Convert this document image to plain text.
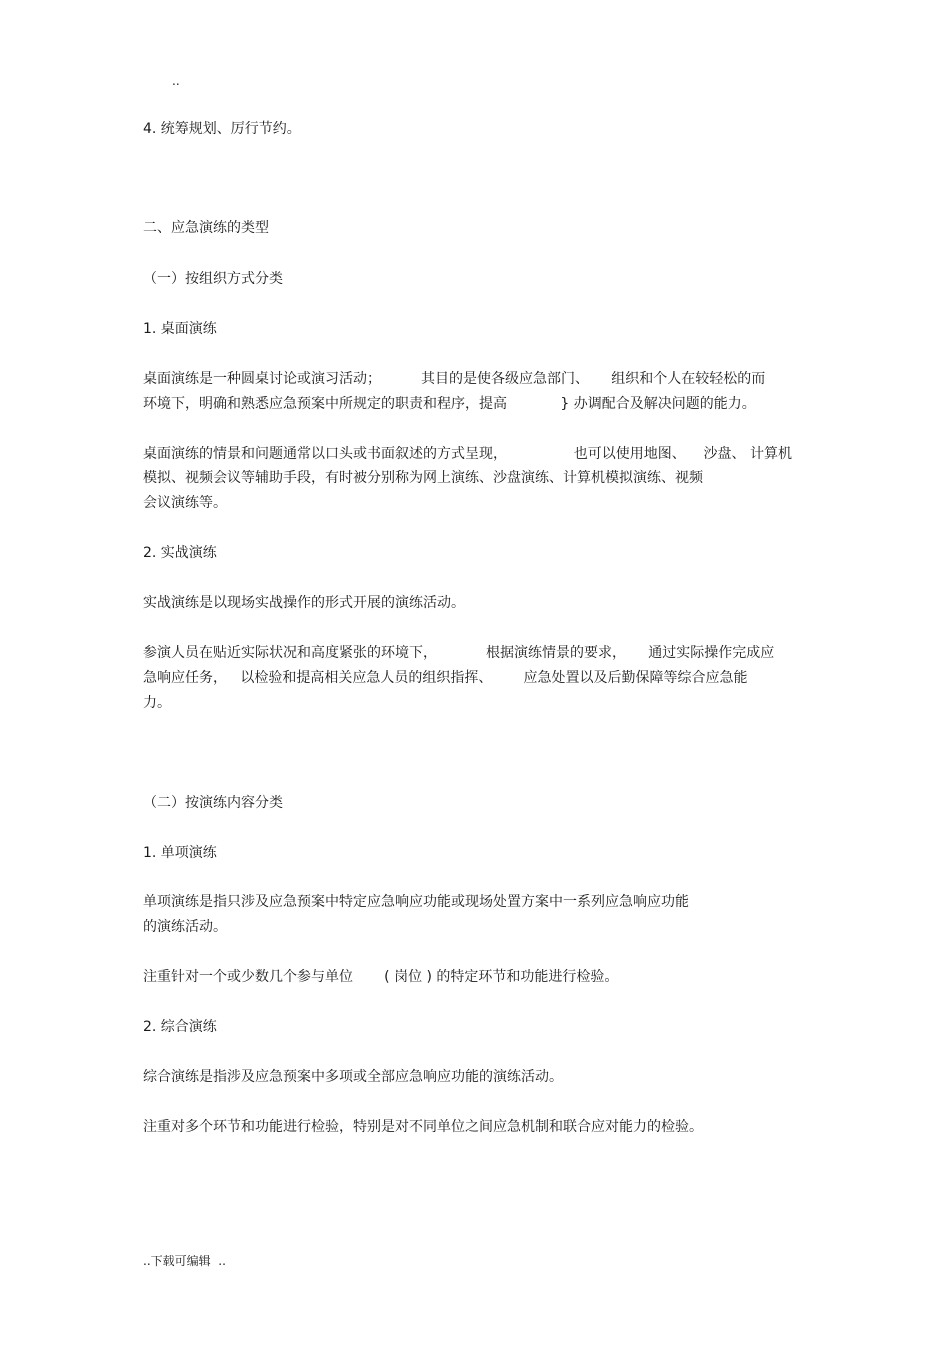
..
4. 统筹规划、厉行节约。
二、应急演练的类型
（一）按组织方式分类
1. 桌面演练
桌面演练是一种圆桌讨论或演习活动；         其目的是使各级应急部门、     组织和个人在较轻松的而
环境下，明确和熟悉应急预案中所规定的职责和程序，提高            } 办调配合及解决问题的能力。
桌面演练的情景和问题通常以口头或书面叙述的方式呈现，               也可以使用地图、    沙盘、 计算机
模拟、视频会议等辅助手段，有时被分别称为网上演练、沙盘演练、计算机模拟演练、视频
会议演练等。
2. 实战演练
实战演练是以现场实战操作的形式开展的演练活动。
参演人员在贴近实际状况和高度紧张的环境下，           根据演练情景的要求，     通过实际操作完成应
急响应任务，   以检验和提高相关应急人员的组织指挥、       应急处置以及后勤保障等综合应急能
力。
（二）按演练内容分类
1. 单项演练
单项演练是指只涉及应急预案中特定应急响应功能或现场处置方案中一系列应急响应功能
的演练活动。
注重针对一个或少数几个参与单位       ( 岗位 ) 的特定环节和功能进行检验。
2. 综合演练
综合演练是指涉及应急预案中多项或全部应急响应功能的演练活动。
注重对多个环节和功能进行检验，特别是对不同单位之间应急机制和联合应对能力的检验。
..下载可编辑  ..
